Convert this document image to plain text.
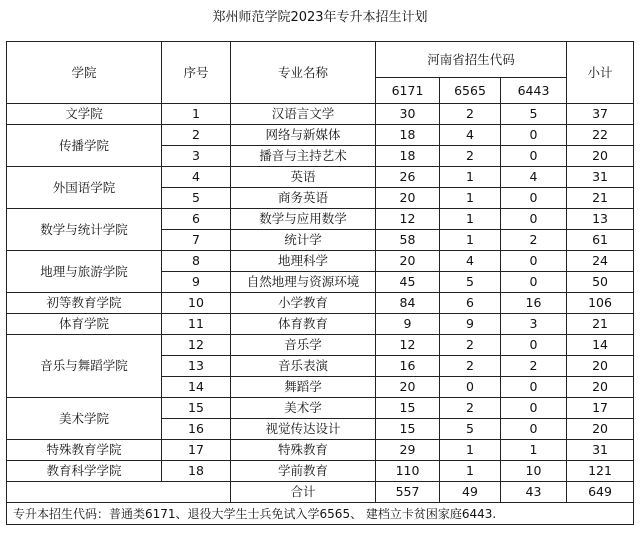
郑州师范学院2023年专升本招生计划
学院	序号	专业名称	河南省招生代码			小计
			6171	6565	6443	
文学院	1	汉语言文学	30	2	5	37
传播学院	2	网络与新媒体	18	4	0	22
	3	播音与主持艺术	18	2	0	20
外国语学院	4	英语	26	1	4	31
	5	商务英语	20	1	0	21
数学与统计学院	6	数学与应用数学	12	1	0	13
	7	统计学	58	1	2	61
地理与旅游学院	8	地理科学	20	4	0	24
	9	自然地理与资源环境	45	5	0	50
初等教育学院	10	小学教育	84	6	16	106
体育学院	11	体育教育	9	9	3	21
音乐与舞蹈学院	12	音乐学	12	2	0	14
	13	音乐表演	16	2	2	20
	14	舞蹈学	20	0	0	20
美术学院	15	美术学	15	2	0	17
	16	视觉传达设计	15	5	0	20
特殊教育学院	17	特殊教育	29	1	1	31
教育科学学院	18	学前教育	110	1	10	121
		合计	557	49	43	649
专升本招生代码：普通类6171、退役大学生士兵免试入学6565、 建档立卡贫困家庭6443.						
